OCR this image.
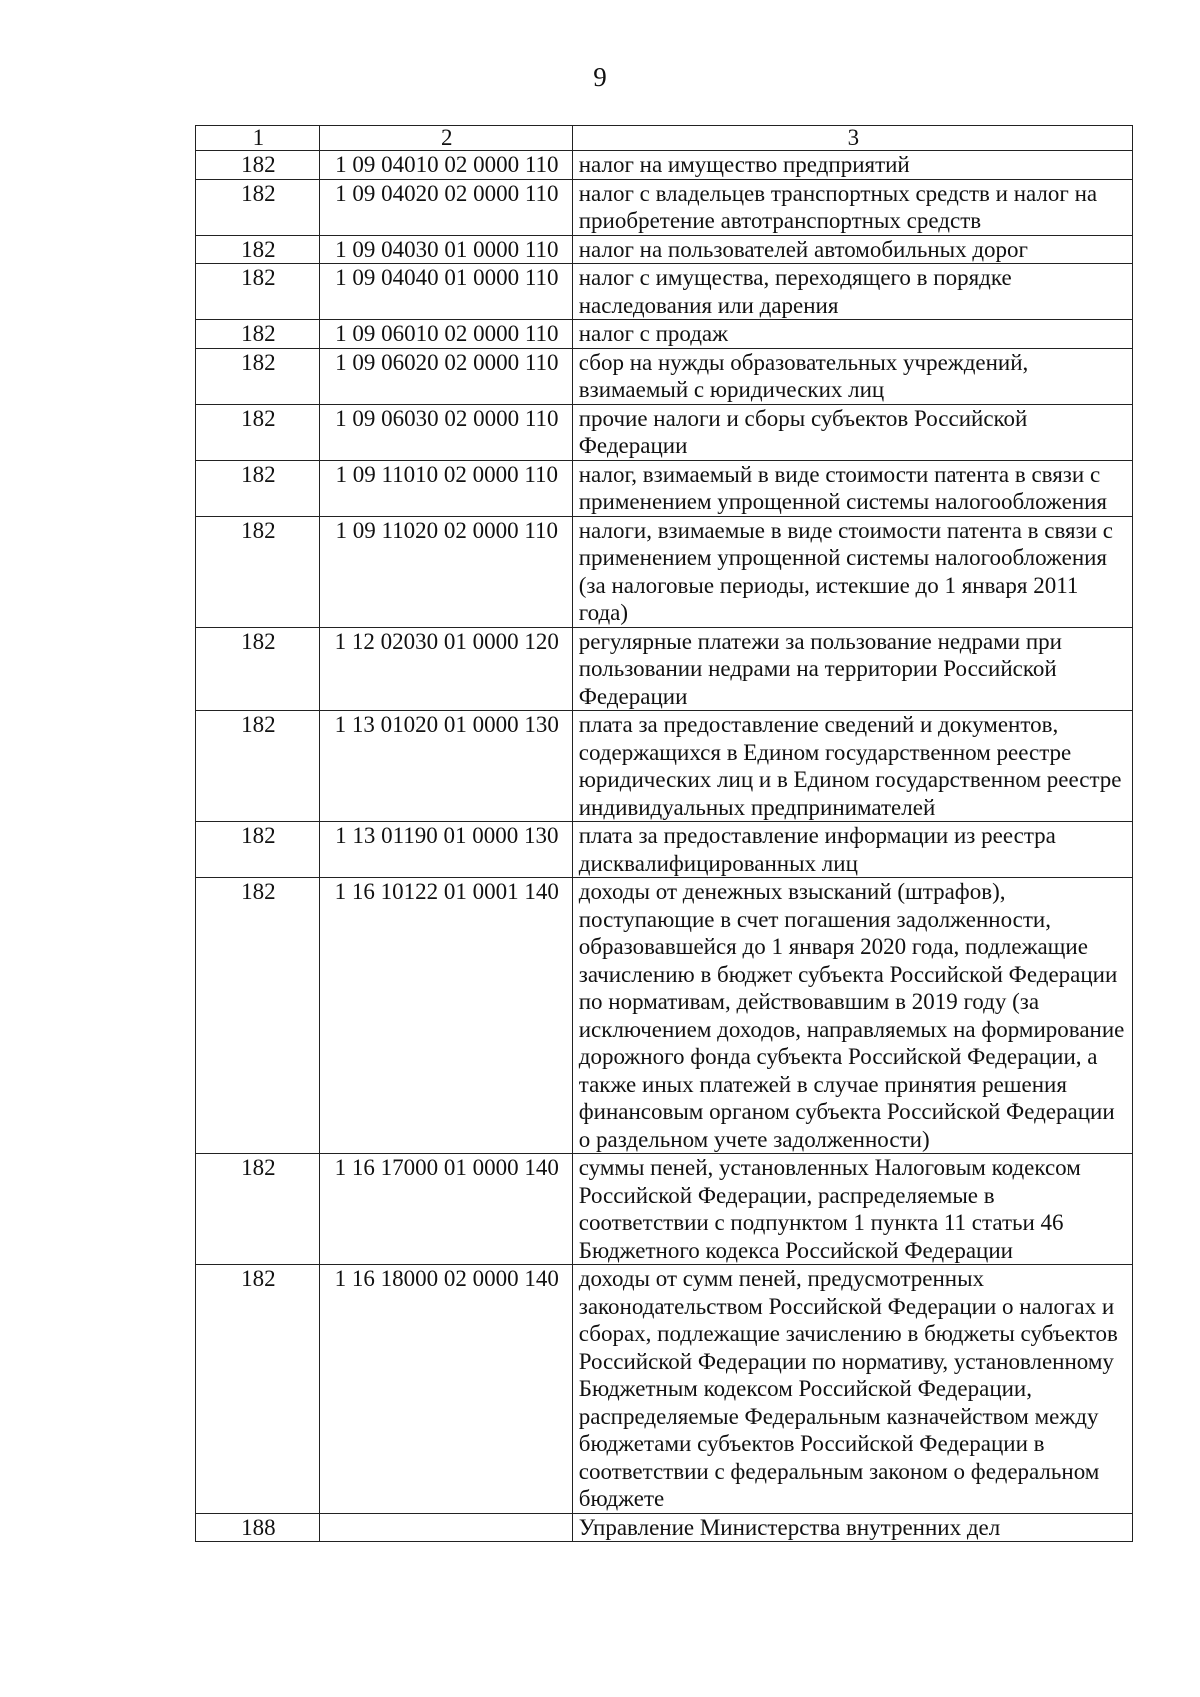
9
1	2	3
182	1 09 04010 02 0000 110	налог на имущество предприятий
182	1 09 04020 02 0000 110	налог с владельцев транспортных средств и налог на приобретение автотранспортных средств
182	1 09 04030 01 0000 110	налог на пользователей автомобильных дорог
182	1 09 04040 01 0000 110	налог с имущества, переходящего в порядке наследования или дарения
182	1 09 06010 02 0000 110	налог с продаж
182	1 09 06020 02 0000 110	сбор на нужды образовательных учреждений, взимаемый с юридических лиц
182	1 09 06030 02 0000 110	прочие налоги и сборы субъектов Российской Федерации
182	1 09 11010 02 0000 110	налог, взимаемый в виде стоимости патента в связи с применением упрощенной системы налогообложения
182	1 09 11020 02 0000 110	налоги, взимаемые в виде стоимости патента в связи с применением упрощенной системы налогообложения (за налоговые периоды, истекшие до 1 января 2011 года)
182	1 12 02030 01 0000 120	регулярные платежи за пользование недрами при пользовании недрами на территории Российской Федерации
182	1 13 01020 01 0000 130	плата за предоставление сведений и документов, содержащихся в Едином государственном реестре юридических лиц и в Едином государственном реестре индивидуальных предпринимателей
182	1 13 01190 01 0000 130	плата за предоставление информации из реестра дисквалифицированных лиц
182	1 16 10122 01 0001 140	доходы от денежных взысканий (штрафов), поступающие в счет погашения задолженности, образовавшейся до 1 января 2020 года, подлежащие зачислению в бюджет субъекта Российской Федерации по нормативам, действовавшим в 2019 году (за исключением доходов, направляемых на формирование дорожного фонда субъекта Российской Федерации, а также иных платежей в случае принятия решения финансовым органом субъекта Российской Федерации о раздельном учете задолженности)
182	1 16 17000 01 0000 140	суммы пеней, установленных Налоговым кодексом Российской Федерации, распределяемые в соответствии с подпунктом 1 пункта 11 статьи 46 Бюджетного кодекса Российской Федерации
182	1 16 18000 02 0000 140	доходы от сумм пеней, предусмотренных законодательством Российской Федерации о налогах и сборах, подлежащие зачислению в бюджеты субъектов Российской Федерации по нормативу, установленному Бюджетным кодексом Российской Федерации, распределяемые Федеральным казначейством между бюджетами субъектов Российской Федерации в соответствии с федеральным законом о федеральном бюджете
188		Управление Министерства внутренних дел
